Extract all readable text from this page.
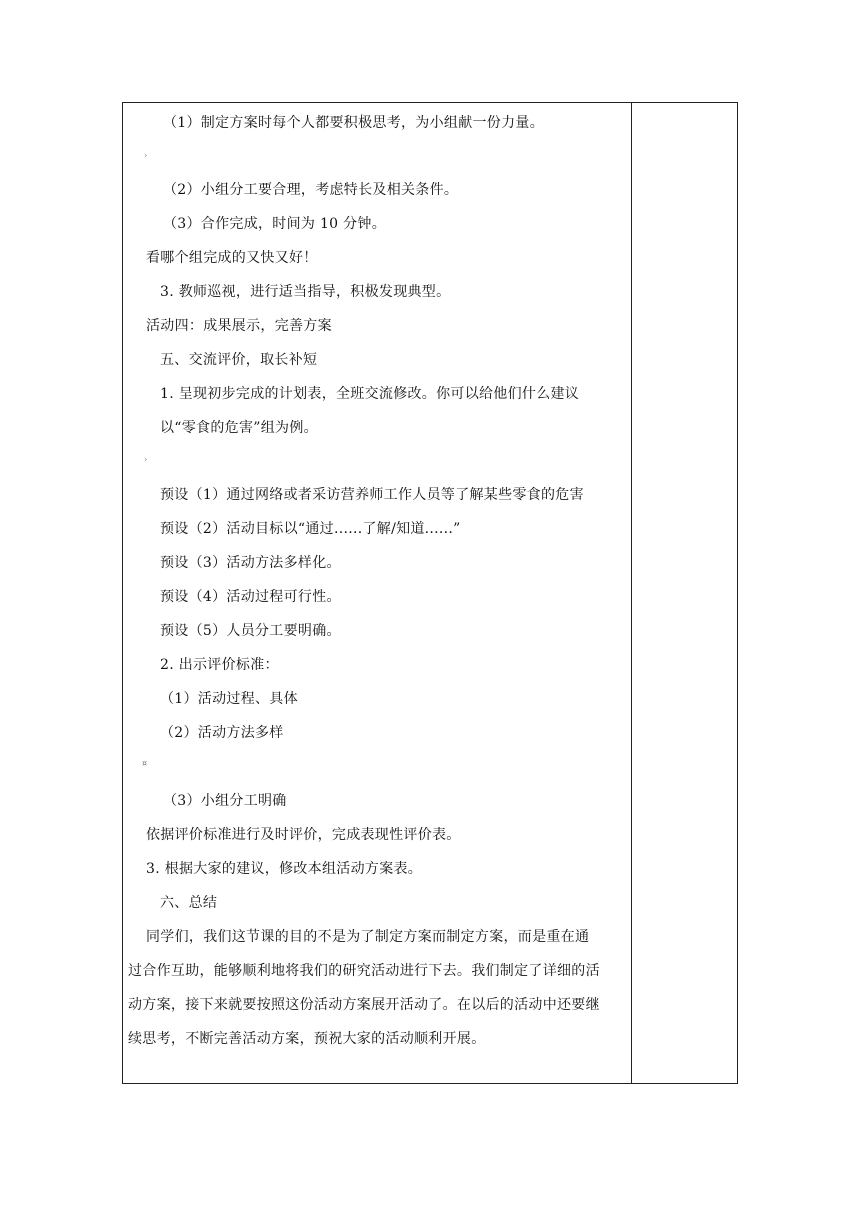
（1）制定方案时每个人都要积极思考，为小组献一份力量。
›
（2）小组分工要合理，考虑特长及相关条件。
（3）合作完成，时间为 10 分钟。
看哪个组完成的又快又好！
3. 教师巡视，进行适当指导，积极发现典型。
活动四：成果展示，完善方案
五、交流评价，取长补短
1. 呈现初步完成的计划表，全班交流修改。你可以给他们什么建议
以“零食的危害”组为例。
›
预设（1）通过网络或者采访营养师工作人员等了解某些零食的危害
预设（2）活动目标以“通过......了解/知道......”
预设（3）活动方法多样化。
预设（4）活动过程可行性。
预设（5）人员分工要明确。
2. 出示评价标准：
（1）活动过程、具体
（2）活动方法多样
¤
（3）小组分工明确
依据评价标准进行及时评价，完成表现性评价表。
3. 根据大家的建议，修改本组活动方案表。
六、总结
同学们，我们这节课的目的不是为了制定方案而制定方案，而是重在通
过合作互助，能够顺利地将我们的研究活动进行下去。我们制定了详细的活
动方案，接下来就要按照这份活动方案展开活动了。在以后的活动中还要继
续思考，不断完善活动方案，预祝大家的活动顺利开展。
